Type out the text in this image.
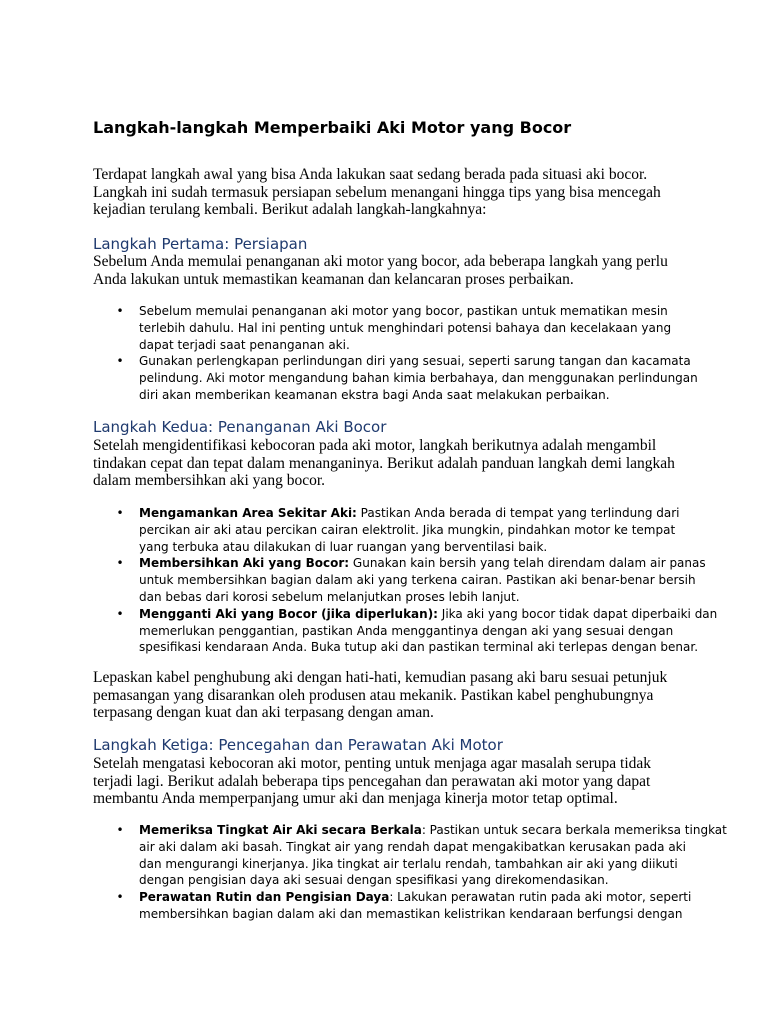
Langkah-langkah Memperbaiki Aki Motor yang Bocor

Terdapat langkah awal yang bisa Anda lakukan saat sedang berada pada situasi aki bocor.
Langkah ini sudah termasuk persiapan sebelum menangani hingga tips yang bisa mencegah
kejadian terulang kembali. Berikut adalah langkah-langkahnya:

Langkah Pertama: Persiapan

Sebelum Anda memulai penanganan aki motor yang bocor, ada beberapa langkah yang perlu
Anda lakukan untuk memastikan keamanan dan kelancaran proses perbaikan.

• Sebelum memulai penanganan aki motor yang bocor, pastikan untuk mematikan mesin
terlebih dahulu. Hal ini penting untuk menghindari potensi bahaya dan kecelakaan yang
dapat terjadi saat penanganan aki.
• Gunakan perlengkapan perlindungan diri yang sesuai, seperti sarung tangan dan kacamata
pelindung. Aki motor mengandung bahan kimia berbahaya, dan menggunakan perlindungan
diri akan memberikan keamanan ekstra bagi Anda saat melakukan perbaikan.
Langkah Kedua: Penanganan Aki Bocor

Setelah mengidentifikasi kebocoran pada aki motor, langkah berikutnya adalah mengambil
tindakan cepat dan tepat dalam menanganinya. Berikut adalah panduan langkah demi langkah
dalam membersihkan aki yang bocor.

• Mengamankan Area Sekitar Aki: Pastikan Anda berada di tempat yang terlindung dari
percikan air aki atau percikan cairan elektrolit. Jika mungkin, pindahkan motor ke tempat
yang terbuka atau dilakukan di luar ruangan yang berventilasi baik.
• Membersihkan Aki yang Bocor: Gunakan kain bersih yang telah direndam dalam air panas
untuk membersihkan bagian dalam aki yang terkena cairan. Pastikan aki benar-benar bersih
dan bebas dari korosi sebelum melanjutkan proses lebih lanjut.
• Mengganti Aki yang Bocor (jika diperlukan): Jika aki yang bocor tidak dapat diperbaiki dan
memerlukan penggantian, pastikan Anda menggantinya dengan aki yang sesuai dengan
spesifikasi kendaraan Anda. Buka tutup aki dan pastikan terminal aki terlepas dengan benar.

Lepaskan kabel penghubung aki dengan hati-hati, kemudian pasang aki baru sesuai petunjuk
pemasangan yang disarankan oleh produsen atau mekanik. Pastikan kabel penghubungnya
terpasang dengan kuat dan aki terpasang dengan aman.

Langkah Ketiga: Pencegahan dan Perawatan Aki Motor

Setelah mengatasi kebocoran aki motor, penting untuk menjaga agar masalah serupa tidak
terjadi lagi. Berikut adalah beberapa tips pencegahan dan perawatan aki motor yang dapat
membantu Anda memperpanjang umur aki dan menjaga kinerja motor tetap optimal.

• Memeriksa Tingkat Air Aki secara Berkala: Pastikan untuk secara berkala memeriksa tingkat
air aki dalam aki basah. Tingkat air yang rendah dapat mengakibatkan kerusakan pada aki
dan mengurangi kinerjanya. Jika tingkat air terlalu rendah, tambahkan air aki yang diikuti
dengan pengisian daya aki sesuai dengan spesifikasi yang direkomendasikan.
• Perawatan Rutin dan Pengisian Daya: Lakukan perawatan rutin pada aki motor, seperti
membersihkan bagian dalam aki dan memastikan kelistrikan kendaraan berfungsi dengan
